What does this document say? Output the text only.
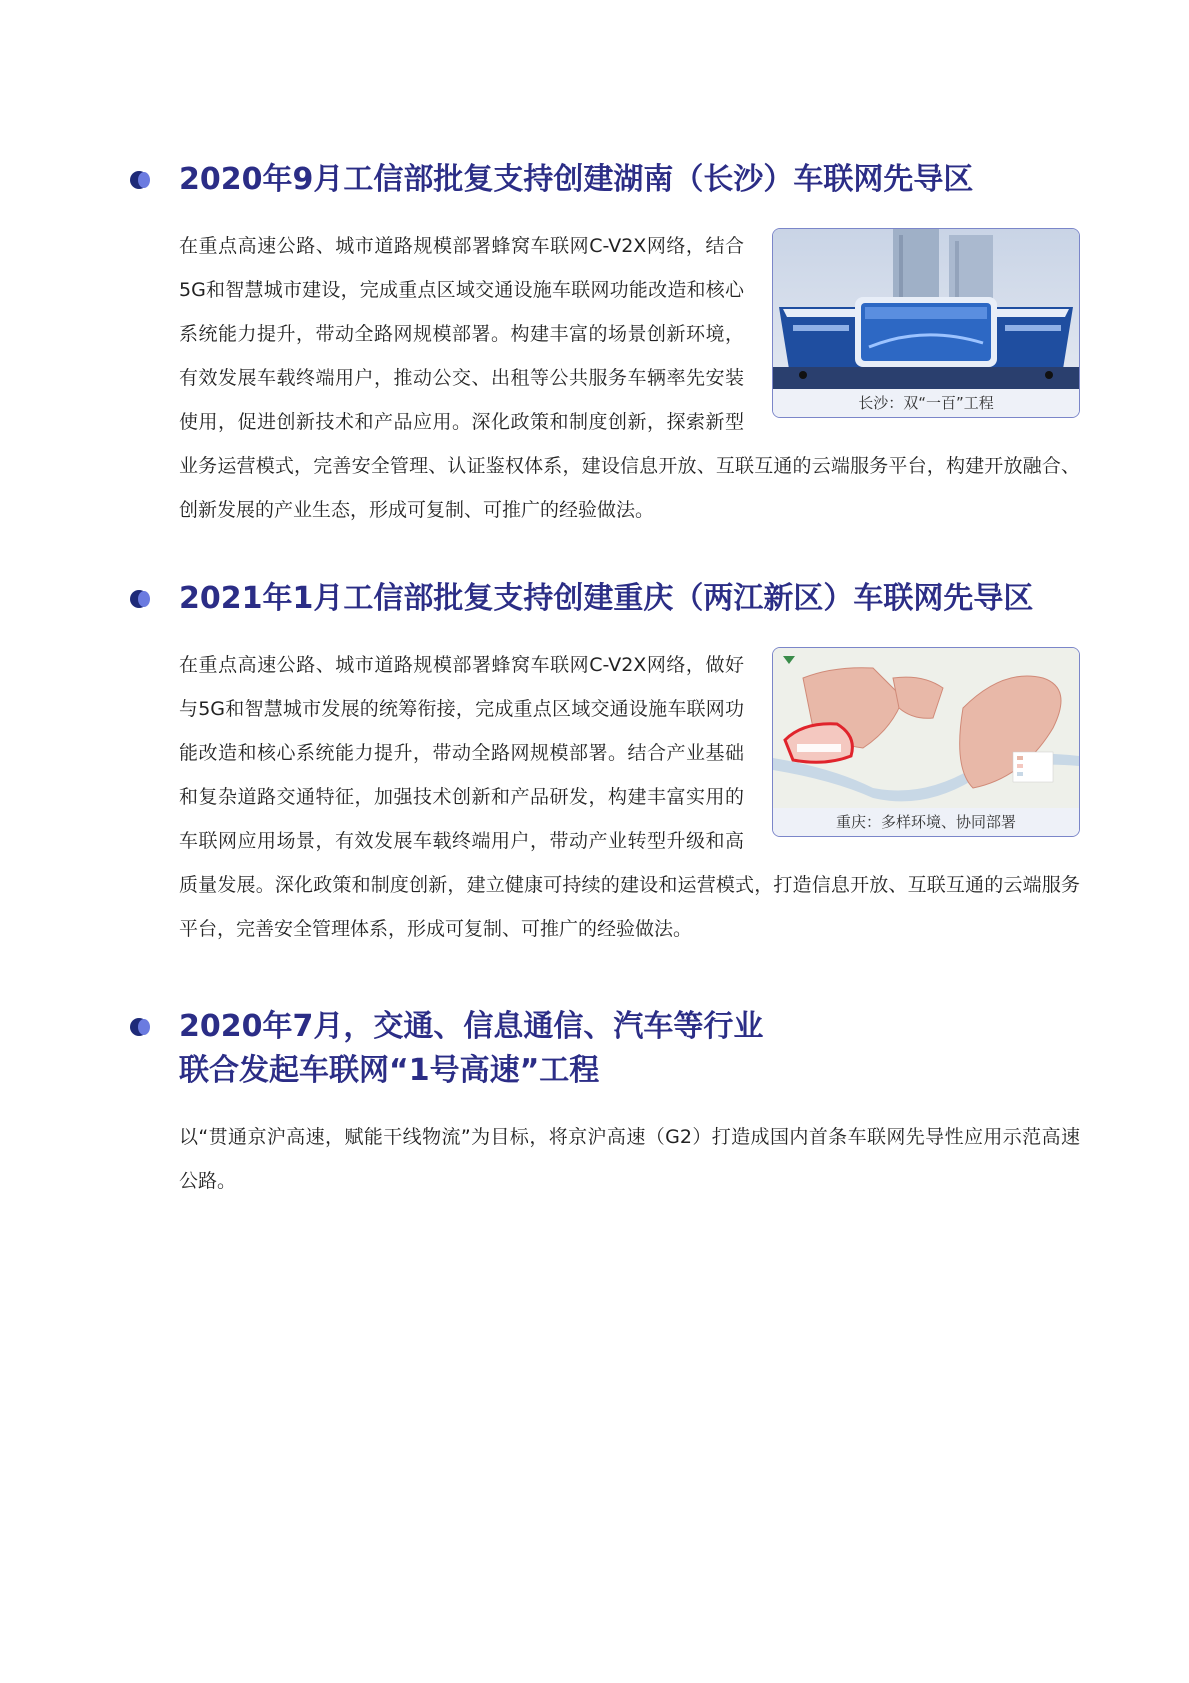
2020年9月工信部批复支持创建湖南（长沙）车联网先导区
长沙：双“一百”工程
在重点高速公路、城市道路规模部署蜂窝车联网C-V2X网络，结合5G和智慧城市建设，完成重点区域交通设施车联网功能改造和核心系统能力提升，带动全路网规模部署。构建丰富的场景创新环境，有效发展车载终端用户，推动公交、出租等公共服务车辆率先安装使用，促进创新技术和产品应用。深化政策和制度创新，探索新型业务运营模式，完善安全管理、认证鉴权体系，建设信息开放、互联互通的云端服务平台，构建开放融合、创新发展的产业生态，形成可复制、可推广的经验做法。
2021年1月工信部批复支持创建重庆（两江新区）车联网先导区
重庆：多样环境、协同部署
在重点高速公路、城市道路规模部署蜂窝车联网C-V2X网络，做好与5G和智慧城市发展的统筹衔接，完成重点区域交通设施车联网功能改造和核心系统能力提升，带动全路网规模部署。结合产业基础和复杂道路交通特征，加强技术创新和产品研发，构建丰富实用的车联网应用场景，有效发展车载终端用户，带动产业转型升级和高质量发展。深化政策和制度创新，建立健康可持续的建设和运营模式，打造信息开放、互联互通的云端服务平台，完善安全管理体系，形成可复制、可推广的经验做法。
2020年7月，交通、信息通信、汽车等行业
联合发起车联网“1号高速”工程
以“贯通京沪高速，赋能干线物流”为目标，将京沪高速（G2）打造成国内首条车联网先导性应用示范高速公路。
